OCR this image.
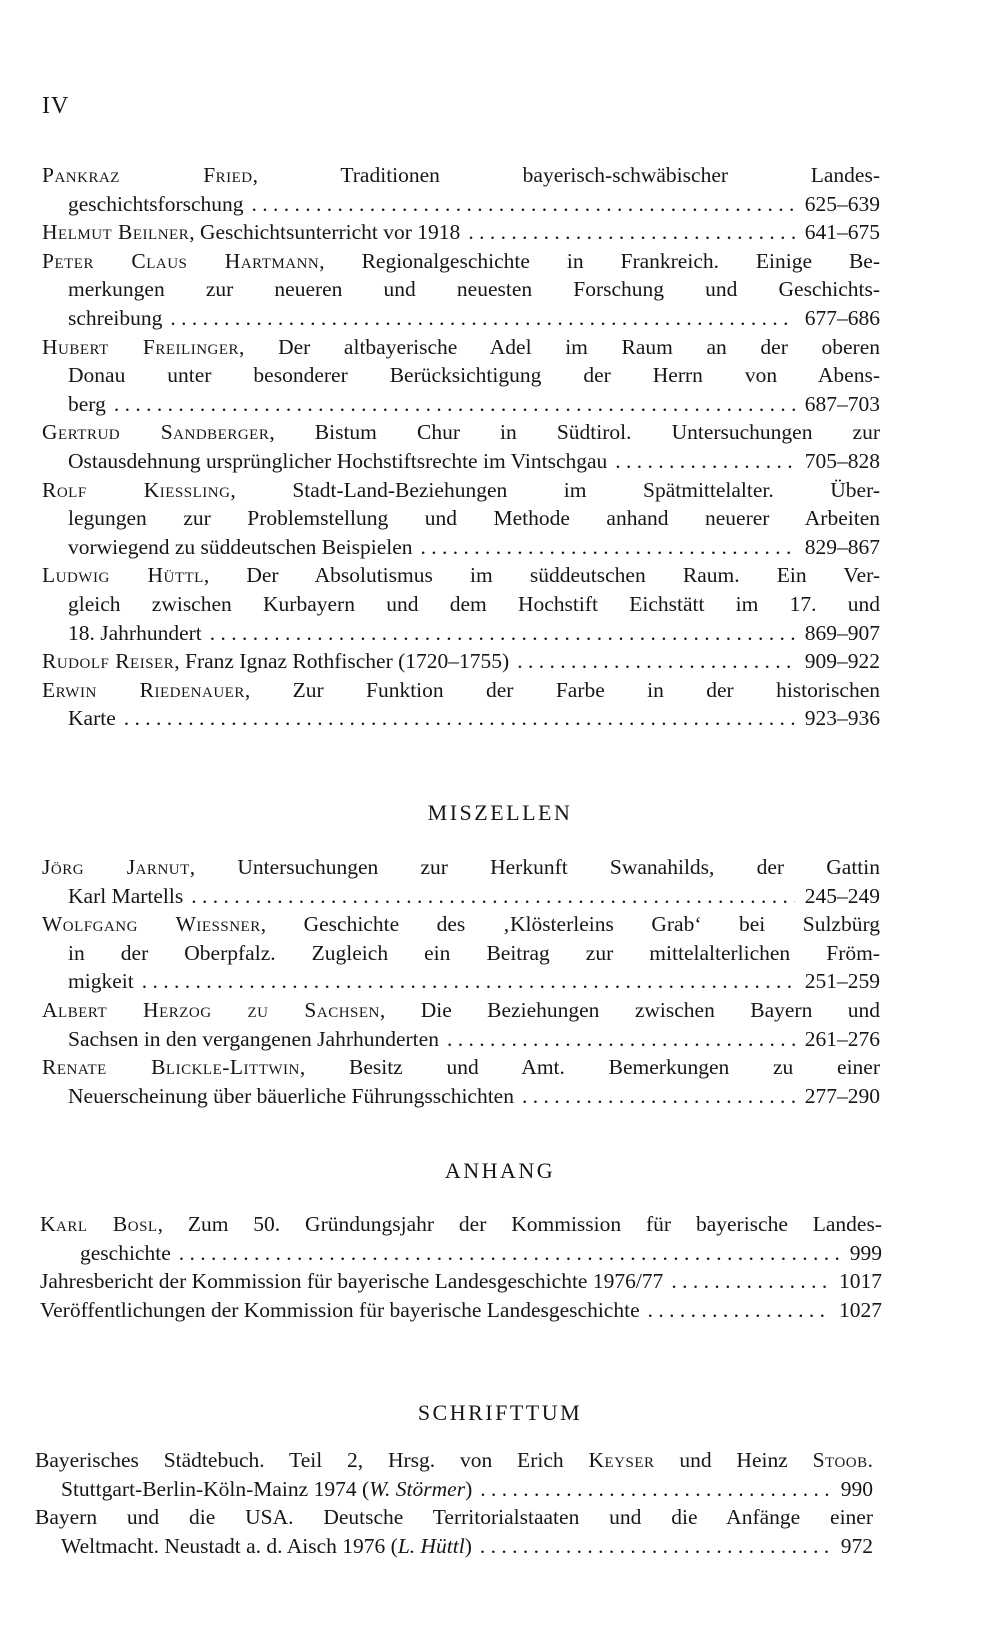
IV
Pankraz Fried, Traditionen bayerisch-schwäbischer Landes-
geschichtsforschung . . .	625–639
Helmut Beilner, Geschichtsunterricht vor 1918 . . .	641–675
Peter Claus Hartmann, Regionalgeschichte in Frankreich. Einige Be-
merkungen zur neueren und neuesten Forschung und Geschichts-
schreibung . . .	677–686
Hubert Freilinger, Der altbayerische Adel im Raum an der oberen
Donau unter besonderer Berücksichtigung der Herrn von Abens-
berg . . .	687–703
Gertrud Sandberger, Bistum Chur in Südtirol. Untersuchungen zur
Ostausdehnung ursprünglicher Hochstiftsrechte im Vintschgau . . .	705–828
Rolf Kiessling, Stadt-Land-Beziehungen im Spätmittelalter. Über-
legungen zur Problemstellung und Methode anhand neuerer Arbeiten
vorwiegend zu süddeutschen Beispielen . . .	829–867
Ludwig Hüttl, Der Absolutismus im süddeutschen Raum. Ein Ver-
gleich zwischen Kurbayern und dem Hochstift Eichstätt im 17. und
18. Jahrhundert . . .	869–907
Rudolf Reiser, Franz Ignaz Rothfischer (1720–1755) . . .	909–922
Erwin Riedenauer, Zur Funktion der Farbe in der historischen
Karte . . .	923–936
MISZELLEN
Jörg Jarnut, Untersuchungen zur Herkunft Swanahilds, der Gattin
Karl Martells . . .	245–249
Wolfgang Wiessner, Geschichte des ‚Klösterleins Grab‘ bei Sulzbürg
in der Oberpfalz. Zugleich ein Beitrag zur mittelalterlichen Fröm-
migkeit . . .	251–259
Albert Herzog zu Sachsen, Die Beziehungen zwischen Bayern und
Sachsen in den vergangenen Jahrhunderten . . .	261–276
Renate Blickle-Littwin, Besitz und Amt. Bemerkungen zu einer
Neuerscheinung über bäuerliche Führungsschichten . . .	277–290
ANHANG
Karl Bosl, Zum 50. Gründungsjahr der Kommission für bayerische Landes-
geschichte . . .	999
Jahresbericht der Kommission für bayerische Landesgeschichte 1976/77 . . .	1017
Veröffentlichungen der Kommission für bayerische Landesgeschichte . . .	1027
SCHRIFTTUM
Bayerisches Städtebuch. Teil 2, Hrsg. von Erich Keyser und Heinz Stoob.
Stuttgart-Berlin-Köln-Mainz 1974 (W. Störmer) . . .	990
Bayern und die USA. Deutsche Territorialstaaten und die Anfänge einer
Weltmacht. Neustadt a. d. Aisch 1976 (L. Hüttl) . . .	972
